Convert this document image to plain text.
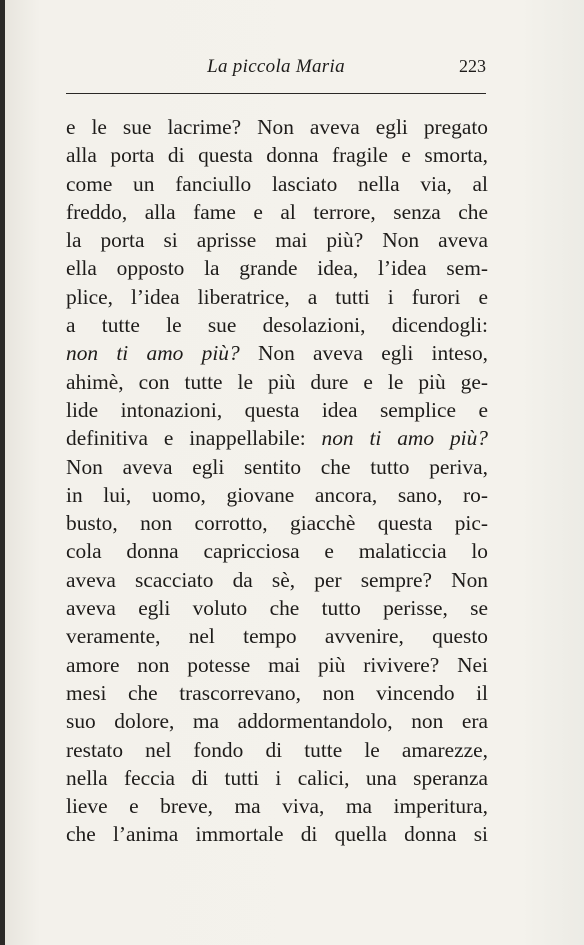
La piccola Maria	223
e le sue lacrime? Non aveva egli pregato
alla porta di questa donna fragile e smorta,
come un fanciullo lasciato nella via, al
freddo, alla fame e al terrore, senza che
la porta si aprisse mai più? Non aveva
ella opposto la grande idea, l’idea sem-
plice, l’idea liberatrice, a tutti i furori e
a tutte le sue desolazioni, dicendogli:
non ti amo più? Non aveva egli inteso,
ahimè, con tutte le più dure e le più ge-
lide intonazioni, questa idea semplice e
definitiva e inappellabile: non ti amo più?
Non aveva egli sentito che tutto periva,
in lui, uomo, giovane ancora, sano, ro-
busto, non corrotto, giacchè questa pic-
cola donna capricciosa e malaticcia lo
aveva scacciato da sè, per sempre? Non
aveva egli voluto che tutto perisse, se
veramente, nel tempo avvenire, questo
amore non potesse mai più rivivere? Nei
mesi che trascorrevano, non vincendo il
suo dolore, ma addormentandolo, non era
restato nel fondo di tutte le amarezze,
nella feccia di tutti i calici, una speranza
lieve e breve, ma viva, ma imperitura,
che l’anima immortale di quella donna si
